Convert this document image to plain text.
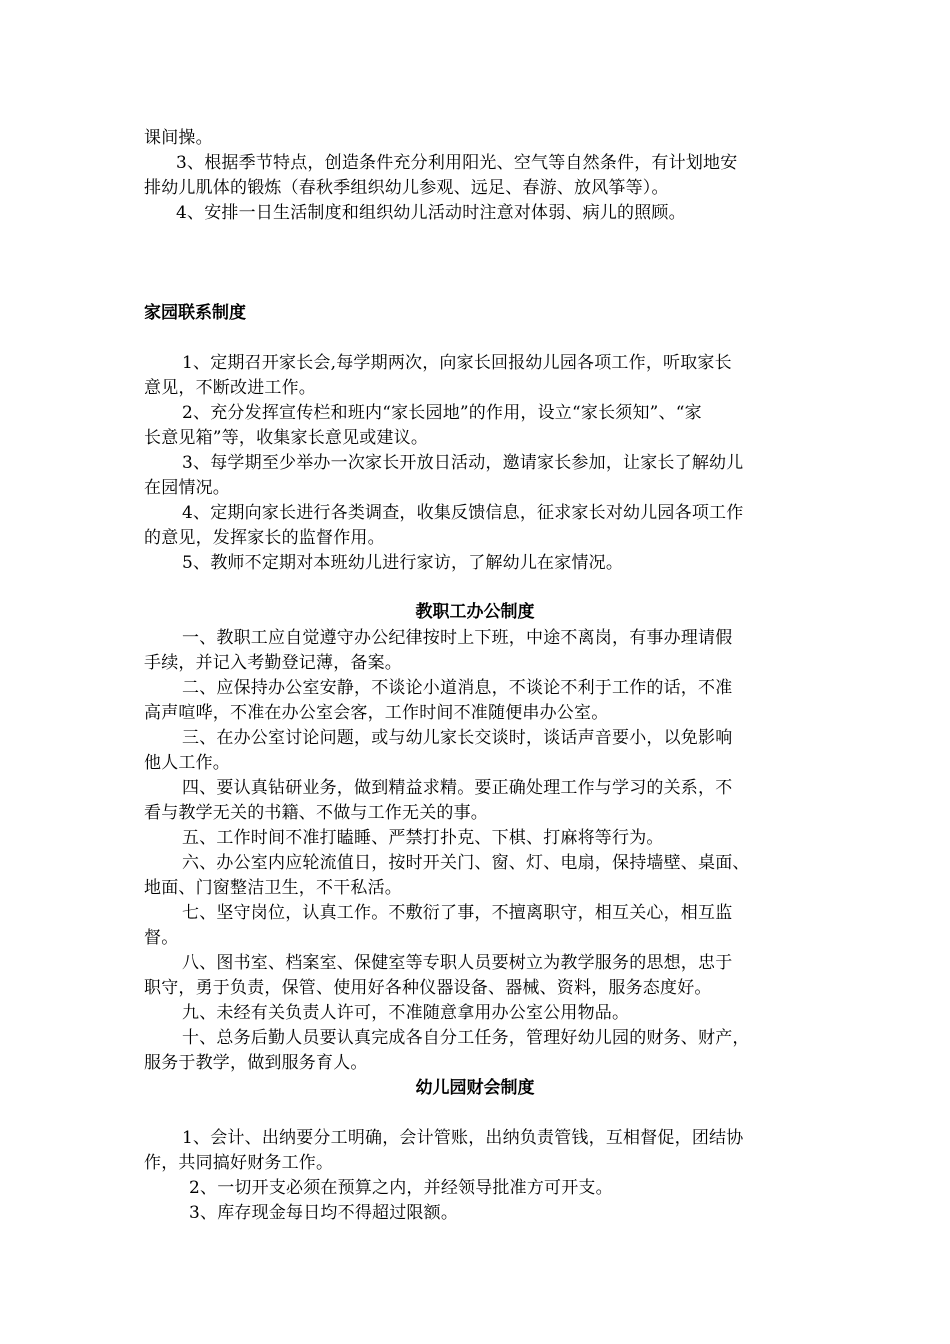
课间操。
3、根据季节特点，创造条件充分利用阳光、空气等自然条件，有计划地安
排幼儿肌体的锻炼（春秋季组织幼儿参观、远足、春游、放风筝等）。
4、安排一日生活制度和组织幼儿活动时注意对体弱、病儿的照顾。
家园联系制度
1、定期召开家长会,每学期两次，向家长回报幼儿园各项工作，听取家长
意见，不断改进工作。
2、充分发挥宣传栏和班内“家长园地”的作用，设立“家长须知”、“家
长意见箱”等，收集家长意见或建议。
3、每学期至少举办一次家长开放日活动，邀请家长参加，让家长了解幼儿
在园情况。
4、定期向家长进行各类调查，收集反馈信息，征求家长对幼儿园各项工作
的意见，发挥家长的监督作用。
5、教师不定期对本班幼儿进行家访，了解幼儿在家情况。
教职工办公制度
一、教职工应自觉遵守办公纪律按时上下班，中途不离岗，有事办理请假
手续，并记入考勤登记薄，备案。
二、应保持办公室安静，不谈论小道消息，不谈论不利于工作的话，不准
高声喧哗，不准在办公室会客，工作时间不准随便串办公室。
三、在办公室讨论问题，或与幼儿家长交谈时，谈话声音要小，以免影响
他人工作。
四、要认真钻研业务，做到精益求精。要正确处理工作与学习的关系，不
看与教学无关的书籍、不做与工作无关的事。
五、工作时间不准打瞌睡、严禁打扑克、下棋、打麻将等行为。
六、办公室内应轮流值日，按时开关门、窗、灯、电扇，保持墙壁、桌面、
地面、门窗整洁卫生，不干私活。
七、坚守岗位，认真工作。不敷衍了事，不擅离职守，相互关心，相互监
督。
八、图书室、档案室、保健室等专职人员要树立为教学服务的思想，忠于
职守，勇于负责，保管、使用好各种仪器设备、器械、资料，服务态度好。
九、未经有关负责人许可，不准随意拿用办公室公用物品。
十、总务后勤人员要认真完成各自分工任务，管理好幼儿园的财务、财产，
服务于教学，做到服务育人。
幼儿园财会制度
1、会计、出纳要分工明确，会计管账，出纳负责管钱，互相督促，团结协
作，共同搞好财务工作。
2、一切开支必须在预算之内，并经领导批准方可开支。
3、库存现金每日均不得超过限额。
